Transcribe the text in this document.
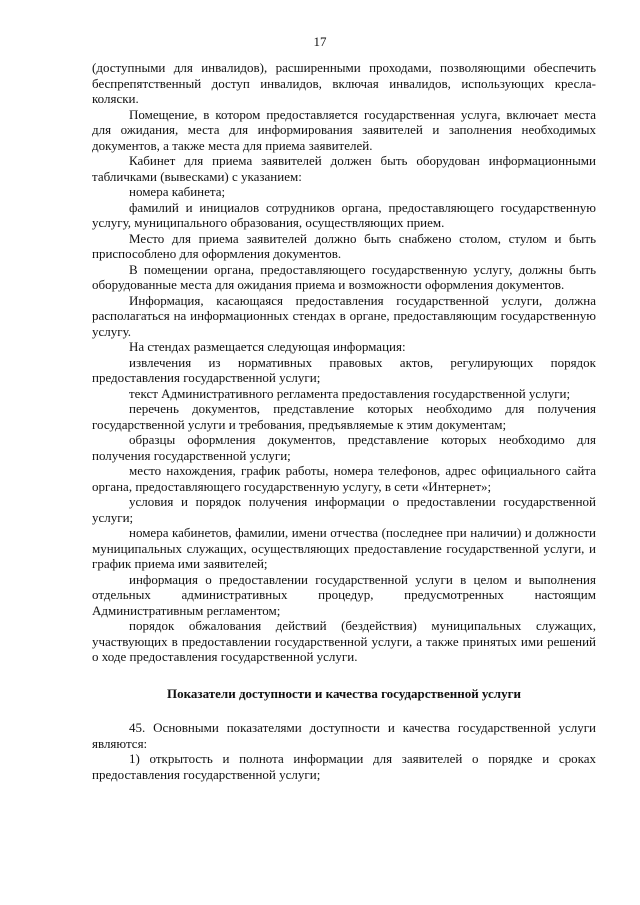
17

(доступными для инвалидов), расширенными проходами, позволяющими обеспечить беспрепятственный доступ инвалидов, включая инвалидов, использующих кресла-коляски.

Помещение, в котором предоставляется государственная услуга, включает места для ожидания, места для информирования заявителей и заполнения необходимых документов, а также места для приема заявителей.

Кабинет для приема заявителей должен быть оборудован информационными табличками (вывесками) с указанием:

номера кабинета;

фамилий и инициалов сотрудников органа, предоставляющего государственную услугу, муниципального образования, осуществляющих прием.

Место для приема заявителей должно быть снабжено столом, стулом и быть приспособлено для оформления документов.

В помещении органа, предоставляющего государственную услугу, должны быть оборудованные места для ожидания приема и возможности оформления документов.

Информация, касающаяся предоставления государственной услуги, должна располагаться на информационных стендах в органе, предоставляющим государственную услугу.

На стендах размещается следующая информация:

извлечения из нормативных правовых актов, регулирующих порядок предоставления государственной услуги;

текст Административного регламента предоставления государственной услуги;

перечень документов, представление которых необходимо для получения государственной услуги и требования, предъявляемые к этим документам;

образцы оформления документов, представление которых необходимо для получения государственной услуги;

место нахождения, график работы, номера телефонов, адрес официального сайта органа, предоставляющего государственную услугу, в сети «Интернет»;

условия и порядок получения информации о предоставлении государственной услуги;

номера кабинетов, фамилии, имени отчества (последнее при наличии) и должности муниципальных служащих, осуществляющих предоставление государственной услуги, и график приема ими заявителей;

информация о предоставлении государственной услуги в целом и выполнения отдельных административных процедур, предусмотренных настоящим Административным регламентом;

порядок обжалования действий (бездействия) муниципальных служащих, участвующих в предоставлении государственной услуги, а также принятых ими решений о ходе предоставления государственной услуги.

Показатели доступности и качества государственной услуги

45. Основными показателями доступности и качества государственной услуги являются:

1) открытость и полнота информации для заявителей о порядке и сроках предоставления государственной услуги;
